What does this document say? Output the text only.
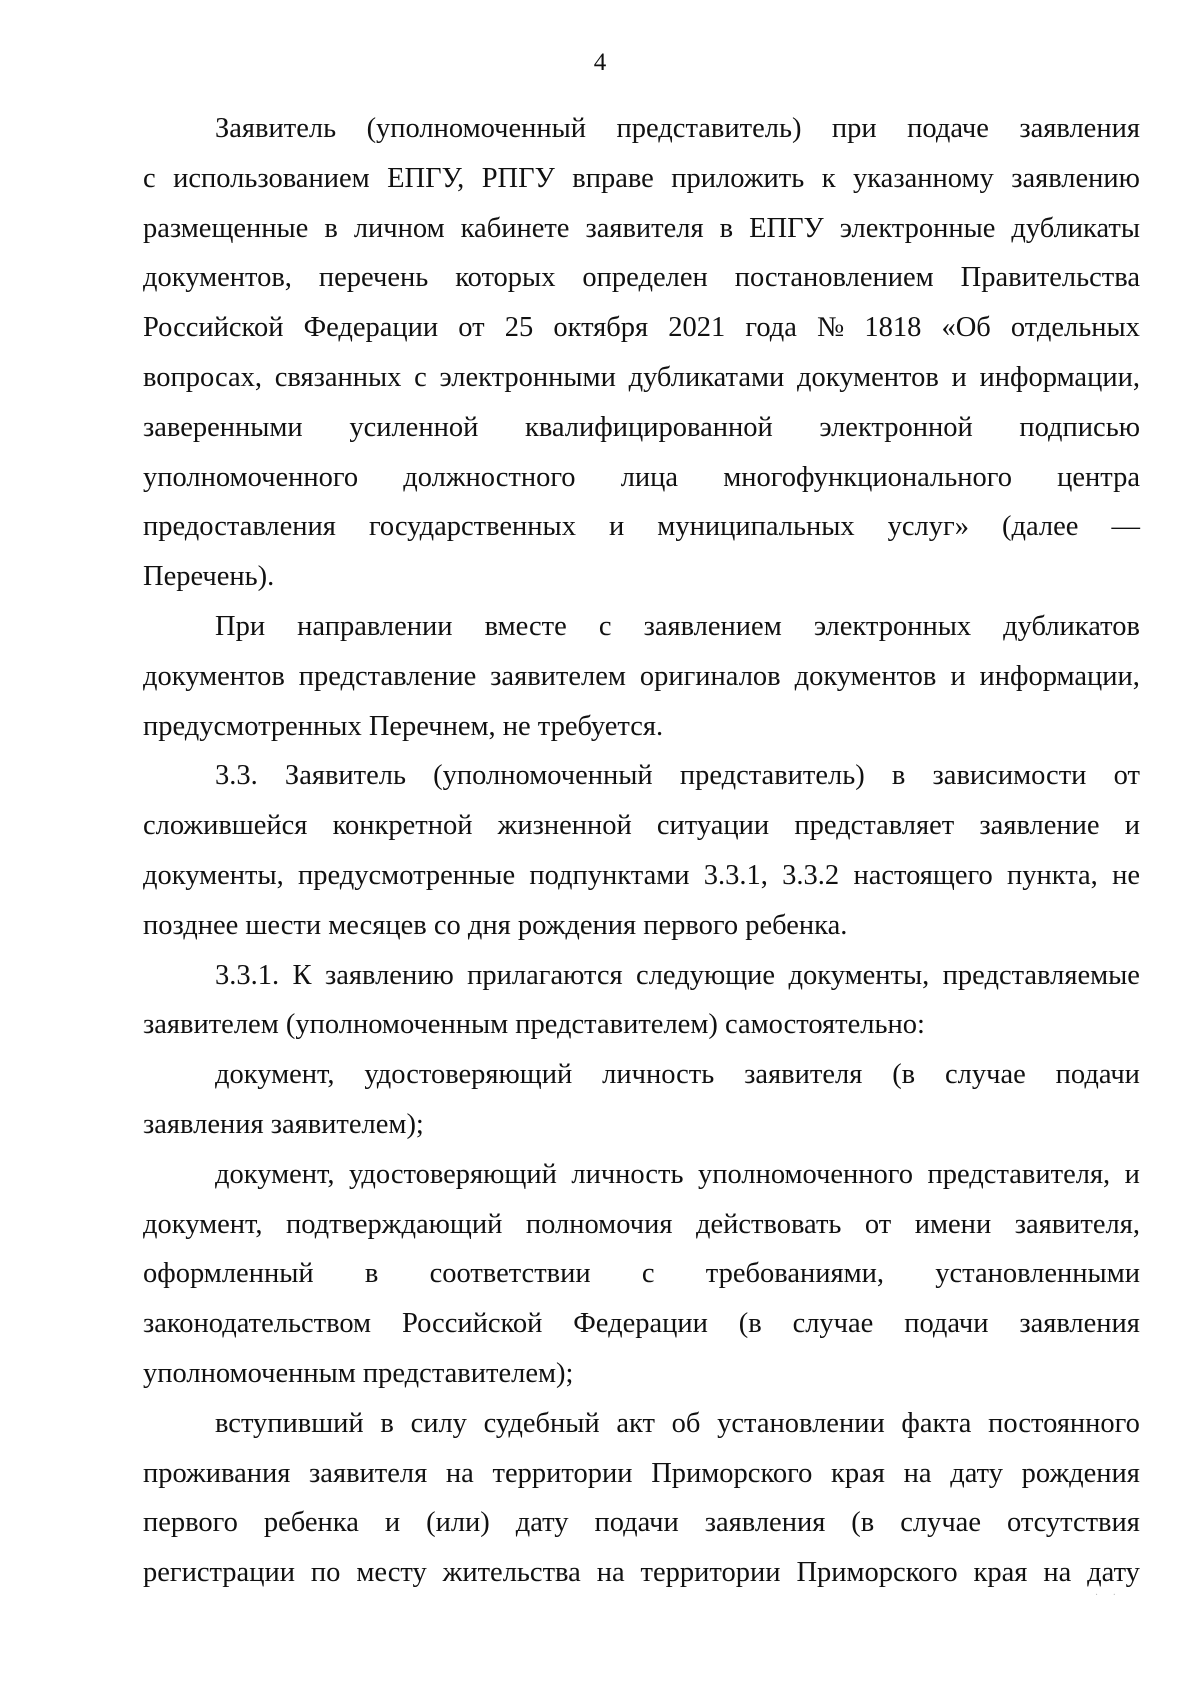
4

Заявитель (уполномоченный представитель) при подаче заявления
с использованием ЕПГУ, РПГУ вправе приложить к указанному заявлению
размещенные в личном кабинете заявителя в ЕПГУ электронные дубликаты
документов, перечень которых определен постановлением Правительства
Российской Федерации от 25 октября 2021 года № 1818 «Об отдельных
вопросах, связанных с электронными дубликатами документов и информации,
заверенными усиленной квалифицированной электронной подписью
уполномоченного должностного лица многофункционального центра
предоставления государственных и муниципальных услуг» (далее —
Перечень).

При направлении вместе с заявлением электронных дубликатов
документов представление заявителем оригиналов документов и информации,
предусмотренных Перечнем, не требуется.

3.3. Заявитель (уполномоченный представитель) в зависимости от
сложившейся конкретной жизненной ситуации представляет заявление и
документы, предусмотренные подпунктами 3.3.1, 3.3.2 настоящего пункта, не
позднее шести месяцев со дня рождения первого ребенка.

3.3.1. К заявлению прилагаются следующие документы, представляемые
заявителем (уполномоченным представителем) самостоятельно:

документ, удостоверяющий личность заявителя (в случае подачи
заявления заявителем);

документ, удостоверяющий личность уполномоченного представителя, и
документ, подтверждающий полномочия действовать от имени заявителя,
оформленный в соответствии с требованиями, установленными
законодательством Российской Федерации (в случае подачи заявления
уполномоченным представителем);

вступивший в силу судебный акт об установлении факта постоянного
проживания заявителя на территории Приморского края на дату рождения
первого ребенка и (или) дату подачи заявления (в случае отсутствия
регистрации по месту жительства на территории Приморского края на дату

· ·
